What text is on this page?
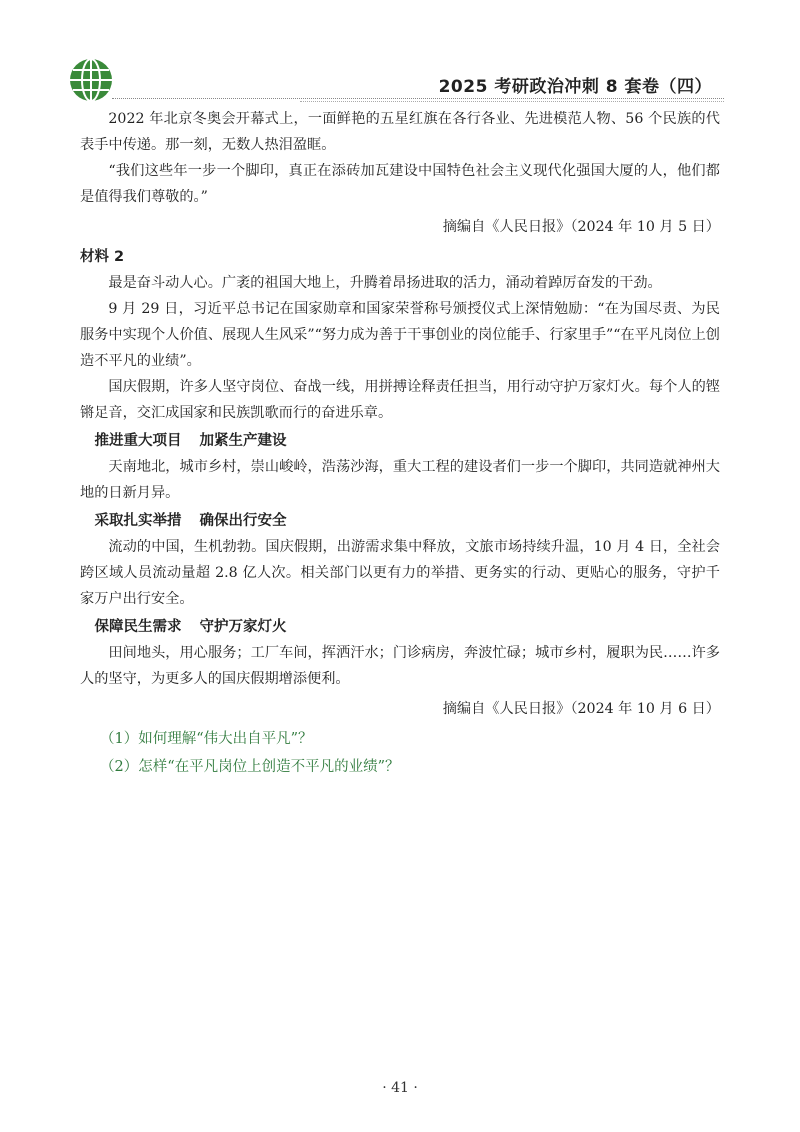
2025 考研政治冲刺 8 套卷（四）

2022 年北京冬奥会开幕式上，一面鲜艳的五星红旗在各行各业、先进模范人物、56 个民族的代表手中传递。那一刻，无数人热泪盈眶。

“我们这些年一步一个脚印，真正在添砖加瓦建设中国特色社会主义现代化强国大厦的人，他们都是值得我们尊敬的。”

摘编自《人民日报》（2024 年 10 月 5 日）

材料 2

最是奋斗动人心。广袤的祖国大地上，升腾着昂扬进取的活力，涌动着踔厉奋发的干劲。

9 月 29 日，习近平总书记在国家勋章和国家荣誉称号颁授仪式上深情勉励：“在为国尽责、为民服务中实现个人价值、展现人生风采”“努力成为善于干事创业的岗位能手、行家里手”“在平凡岗位上创造不平凡的业绩”。

国庆假期，许多人坚守岗位、奋战一线，用拼搏诠释责任担当，用行动守护万家灯火。每个人的铿锵足音，交汇成国家和民族凯歌而行的奋进乐章。

推进重大项目 加紧生产建设

天南地北，城市乡村，崇山峻岭，浩荡沙海，重大工程的建设者们一步一个脚印，共同造就神州大地的日新月异。

采取扎实举措 确保出行安全

流动的中国，生机勃勃。国庆假期，出游需求集中释放，文旅市场持续升温，10 月 4 日，全社会跨区域人员流动量超 2.8 亿人次。相关部门以更有力的举措、更务实的行动、更贴心的服务，守护千家万户出行安全。

保障民生需求 守护万家灯火

田间地头，用心服务；工厂车间，挥洒汗水；门诊病房，奔波忙碌；城市乡村，履职为民……许多人的坚守，为更多人的国庆假期增添便利。

摘编自《人民日报》（2024 年 10 月 6 日）

（1）如何理解“伟大出自平凡”？

（2）怎样“在平凡岗位上创造不平凡的业绩”？

· 41 ·
